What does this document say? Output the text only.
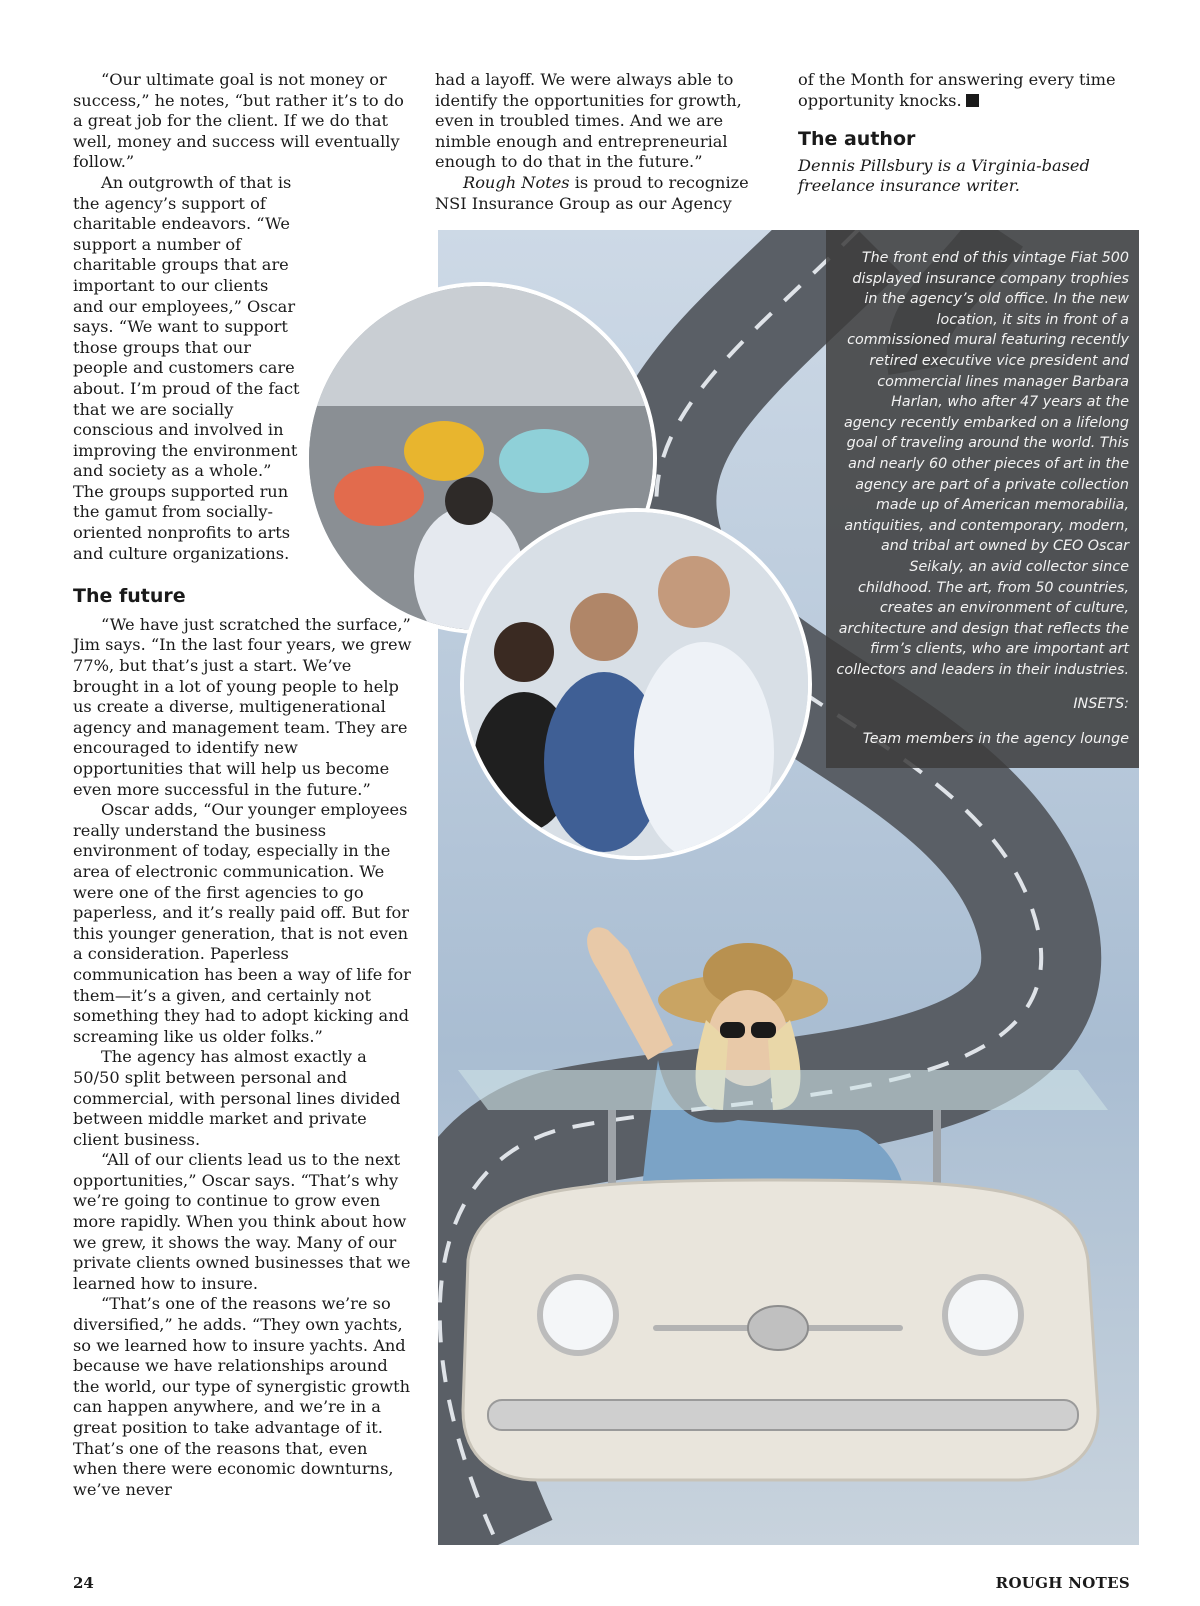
The front end of this vintage Fiat 500 displayed insurance company trophies in the agency’s old office. In the new location, it sits in front of a commissioned mural featuring recently retired executive vice president and commercial lines manager Barbara Harlan, who after 47 years at the agency recently embarked on a lifelong goal of traveling around the world. This and nearly 60 other pieces of art in the agency are part of a private collection made up of American memorabilia, antiquities, and contemporary, modern, and tribal art owned by CEO Oscar Seikaly, an avid collector since childhood. The art, from 50 countries, creates an environment of culture, architecture and design that reflects the firm’s clients, who are important art collectors and leaders in their industries.

INSETS:

Team members in the agency lounge

“Our ultimate goal is not money or success,” he notes, “but rather it’s to do a great job for the client. If we do that well, money and success will eventually follow.”

An outgrowth of that is the agency’s support of charitable endeavors. “We support a number of charitable groups that are important to our clients and our employees,” Oscar says. “We want to support those groups that our people and customers care about. I’m proud of the fact that we are socially conscious and involved in improving the environment and society as a whole.” The groups supported run the gamut from socially-oriented nonprofits to arts and culture organizations.

The future

“We have just scratched the surface,” Jim says. “In the last four years, we grew 77%, but that’s just a start. We’ve brought in a lot of young people to help us create a diverse, multigenerational agency and management team. They are encouraged to identify new opportunities that will help us become even more successful in the future.”

Oscar adds, “Our younger employees really understand the business environment of today, especially in the area of electronic communication. We were one of the first agencies to go paperless, and it’s really paid off. But for this younger generation, that is not even a consideration. Paperless communication has been a way of life for them—it’s a given, and certainly not something they had to adopt kicking and screaming like us older folks.”

The agency has almost exactly a 50/50 split between personal and commercial, with personal lines divided between middle market and private client business.

“All of our clients lead us to the next opportunities,” Oscar says. “That’s why we’re going to continue to grow even more rapidly. When you think about how we grew, it shows the way. Many of our private clients owned businesses that we learned how to insure.

“That’s one of the reasons we’re so diversified,” he adds. “They own yachts, so we learned how to insure yachts. And because we have relationships around the world, our type of synergistic growth can happen anywhere, and we’re in a great position to take advantage of it. That’s one of the reasons that, even when there were economic downturns, we’ve never

had a layoff. We were always able to identify the opportunities for growth, even in troubled times. And we are nimble enough and entrepreneurial enough to do that in the future.”

Rough Notes is proud to recognize NSI Insurance Group as our Agency

of the Month for answering every time opportunity knocks.

The author

Dennis Pillsbury is a Virginia-based freelance insurance writer.

24	ROUGH NOTES
